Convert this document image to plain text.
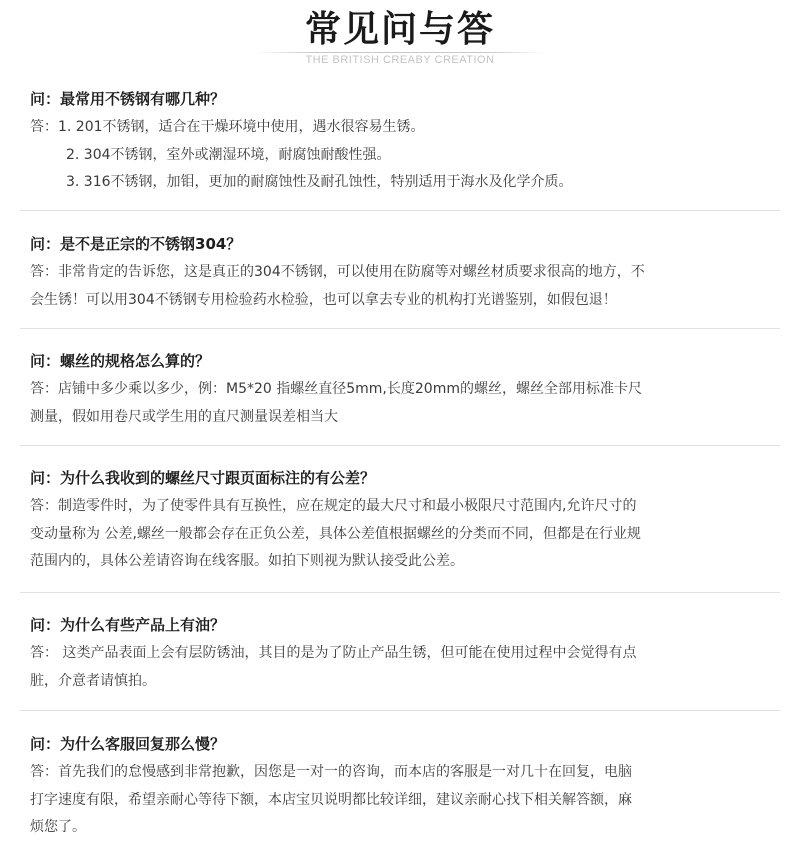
常见问与答
THE BRITISH CREABY CREATION
问：最常用不锈钢有哪几种？
答：1. 201不锈钢，适合在干燥环境中使用，遇水很容易生锈。
2. 304不锈钢，室外或潮湿环境，耐腐蚀耐酸性强。
3. 316不锈钢，加钼，更加的耐腐蚀性及耐孔蚀性，特别适用于海水及化学介质。
问：是不是正宗的不锈钢304？
答：非常肯定的告诉您，这是真正的304不锈钢，可以使用在防腐等对螺丝材质要求很高的地方，不
会生锈！可以用304不锈钢专用检验药水检验，也可以拿去专业的机构打光谱鉴别，如假包退！
问：螺丝的规格怎么算的？
答：店铺中多少乘以多少，例：M5*20 指螺丝直径5mm,长度20mm的螺丝，螺丝全部用标准卡尺
测量，假如用卷尺或学生用的直尺测量误差相当大
问：为什么我收到的螺丝尺寸跟页面标注的有公差？
答：制造零件时，为了使零件具有互换性，应在规定的最大尺寸和最小极限尺寸范围内,允许尺寸的
变动量称为 公差,螺丝一般都会存在正负公差，具体公差值根据螺丝的分类而不同，但都是在行业规
范围内的，具体公差请咨询在线客服。如拍下则视为默认接受此公差。
问：为什么有些产品上有油？
答： 这类产品表面上会有层防锈油，其目的是为了防止产品生锈，但可能在使用过程中会觉得有点
脏，介意者请慎拍。
问：为什么客服回复那么慢？
答：首先我们的怠慢感到非常抱歉，因您是一对一的咨询，而本店的客服是一对几十在回复，电脑
打字速度有限，希望亲耐心等待下额，本店宝贝说明都比较详细，建议亲耐心找下相关解答额，麻
烦您了。
